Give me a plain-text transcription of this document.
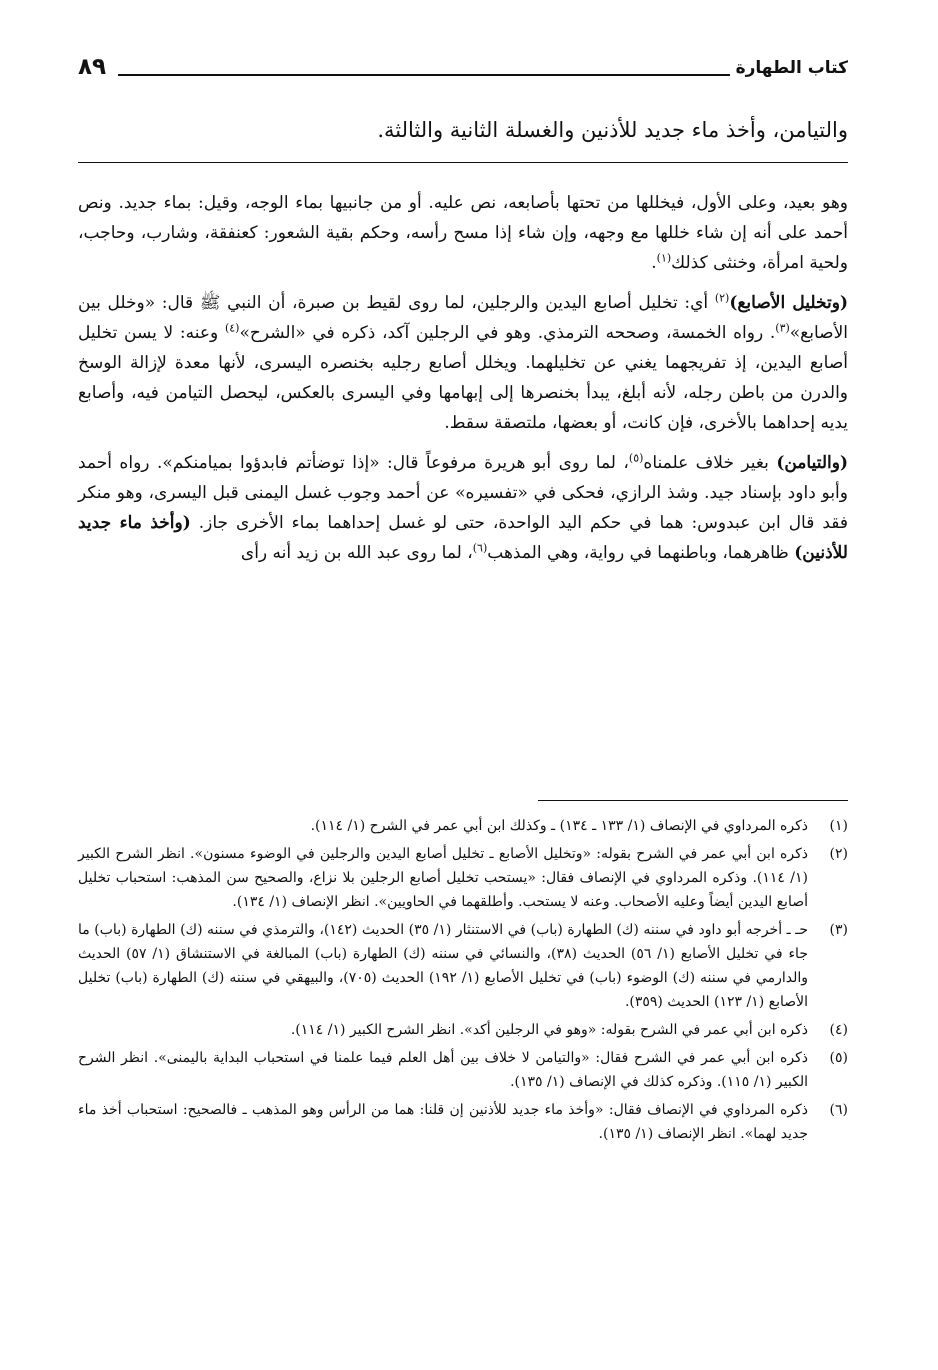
كتاب الطهارة
٨٩
والتيامن، وأخذ ماء جديد للأذنين والغسلة الثانية والثالثة.

وهو بعيد، وعلى الأول، فيخللها من تحتها بأصابعه، نص عليه. أو من جانبيها بماء الوجه، وقيل: بماء جديد. ونص أحمد على أنه إن شاء خللها مع وجهه، وإن شاء إذا مسح رأسه، وحكم بقية الشعور: كعنفقة، وشارب، وحاجب، ولحية امرأة، وخنثى كذلك$^{(١)}$.

(وتخليل الأصابع)$^{(٢)}$ أي: تخليل أصابع اليدين والرجلين، لما روى لقيط بن صبرة، أن النبي ﷺ قال: «وخلل بين الأصابع»$^{(٣)}$. رواه الخمسة، وصححه الترمذي. وهو في الرجلين آكد، ذكره في «الشرح»$^{(٤)}$ وعنه: لا يسن تخليل أصابع اليدين، إذ تفريجهما يغني عن تخليلهما. ويخلل أصابع رجليه بخنصره اليسرى، لأنها معدة لإزالة الوسخ والدرن من باطن رجله، لأنه أبلغ، يبدأ بخنصرها إلى إبهامها وفي اليسرى بالعكس، ليحصل التيامن فيه، وأصابع يديه إحداهما بالأخرى، فإن كانت، أو بعضها، ملتصقة سقط.

(والتيامن) بغير خلاف علمناه$^{(٥)}$، لما روى أبو هريرة مرفوعاً قال: «إذا توضأتم فابدؤوا بميامنكم». رواه أحمد وأبو داود بإسناد جيد. وشذ الرازي، فحكى في «تفسيره» عن أحمد وجوب غسل اليمنى قبل اليسرى، وهو منكر فقد قال ابن عبدوس: هما في حكم اليد الواحدة، حتى لو غسل إحداهما بماء الأخرى جاز. (وأخذ ماء جديد للأذنين) ظاهرهما، وباطنهما في رواية، وهي المذهب$^{(٦)}$، لما روى عبد الله بن زيد أنه رأى

(١)
ذكره المرداوي في الإنصاف (١/ ١٣٣ ـ ١٣٤) ـ وكذلك ابن أبي عمر في الشرح (١/ ١١٤).
(٢)
ذكره ابن أبي عمر في الشرح بقوله: «وتخليل الأصابع ـ تخليل أصابع اليدين والرجلين في الوضوء مسنون». انظر الشرح الكبير (١/ ١١٤). وذكره المرداوي في الإنصاف فقال: «يستحب تخليل أصابع الرجلين بلا نزاع، والصحيح سن المذهب: استحباب تخليل أصابع اليدين أيضاً وعليه الأصحاب. وعنه لا يستحب. وأطلقهما في الحاويين». انظر الإنصاف (١/ ١٣٤).
(٣)
حـ ـ أخرجه أبو داود في سننه (ك) الطهارة (باب) في الاستنثار (١/ ٣٥) الحديث (١٤٢)، والترمذي في سننه (ك) الطهارة (باب) ما جاء في تخليل الأصابع (١/ ٥٦) الحديث (٣٨)، والنسائي في سننه (ك) الطهارة (باب) المبالغة في الاستنشاق (١/ ٥٧) الحديث والدارمي في سننه (ك) الوضوء (باب) في تخليل الأصابع (١/ ١٩٢) الحديث (٧٠٥)، والبيهقي في سننه (ك) الطهارة (باب) تخليل الأصابع (١/ ١٢٣) الحديث (٣٥٩).
(٤)
ذكره ابن أبي عمر في الشرح بقوله: «وهو في الرجلين أكد». انظر الشرح الكبير (١/ ١١٤).
(٥)
ذكره ابن أبي عمر في الشرح فقال: «والتيامن لا خلاف بين أهل العلم فيما علمنا في استحباب البداية باليمنى». انظر الشرح الكبير (١/ ١١٥). وذكره كذلك في الإنصاف (١/ ١٣٥).
(٦)
ذكره المرداوي في الإنصاف فقال: «وأخذ ماء جديد للأذنين إن قلنا: هما من الرأس وهو المذهب ـ فالصحيح: استحباب أخذ ماء جديد لهما». انظر الإنصاف (١/ ١٣٥).
